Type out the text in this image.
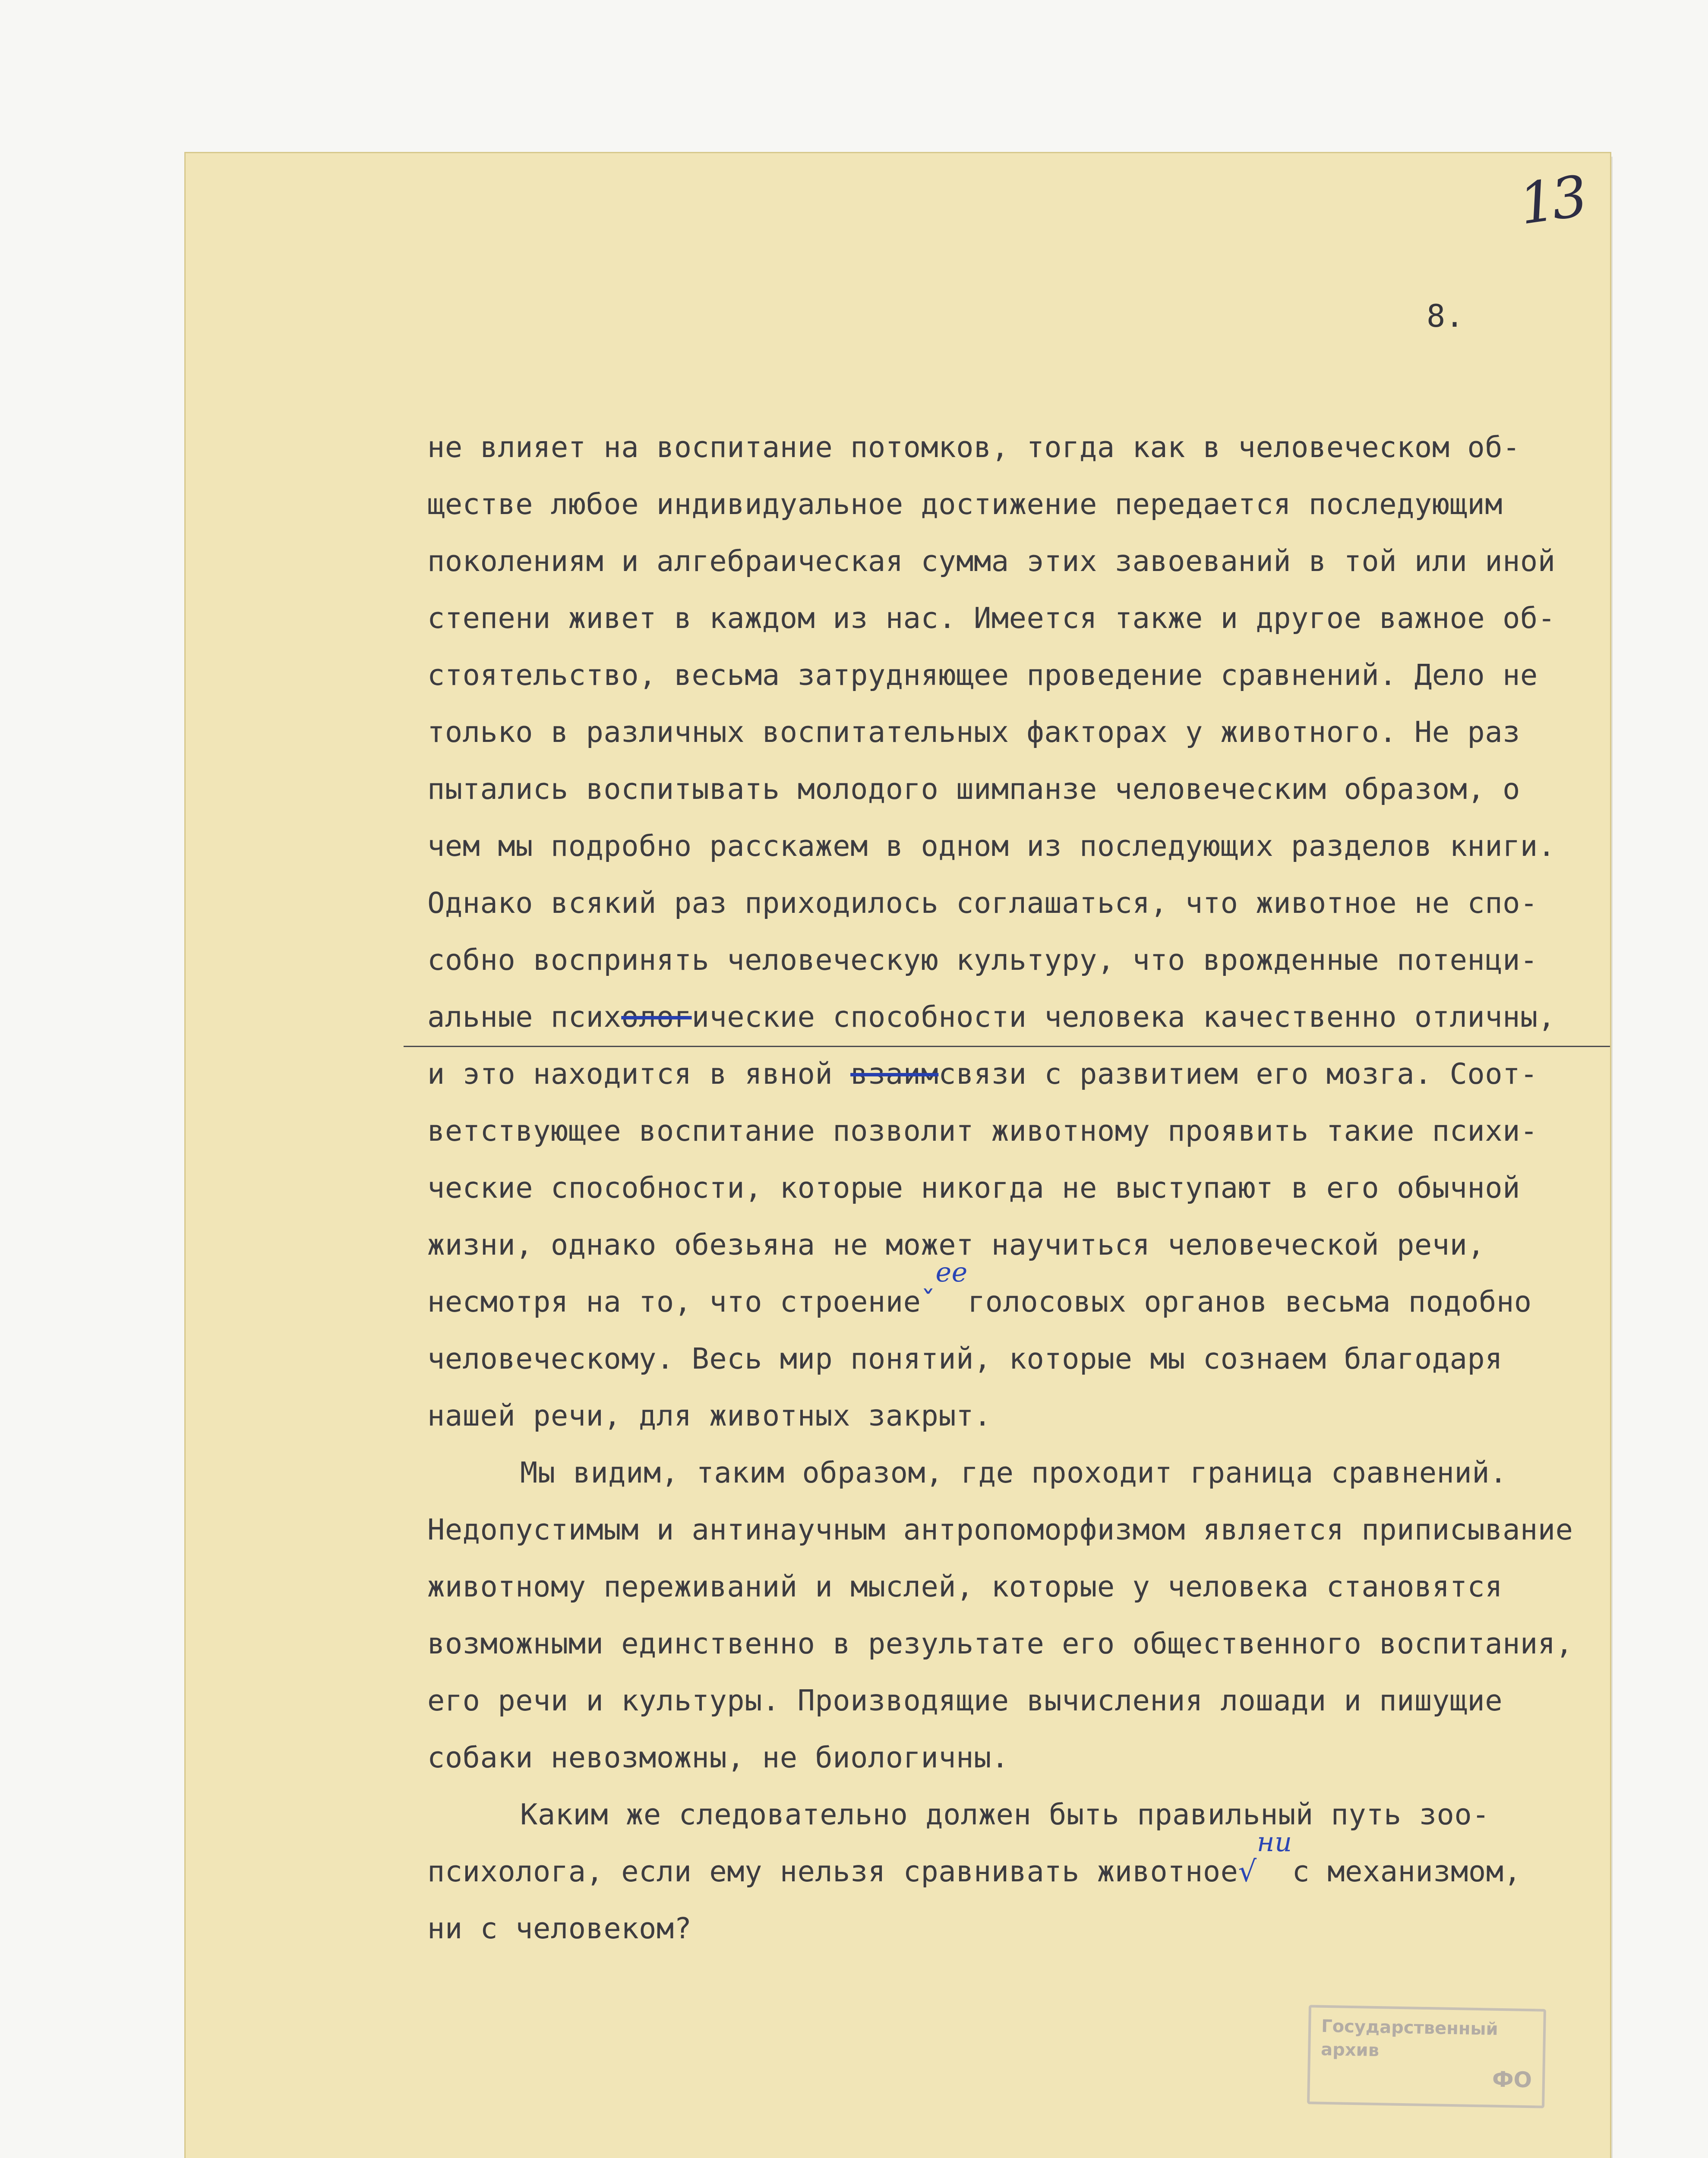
13
8.
не влияет на воспитание потомков, тогда как в человеческом об-
ществе любое индивидуальное достижение передается последующим
поколениям и алгебраическая сумма этих завоеваний в той или иной
степени живет в каждом из нас. Имеется также и другое важное об-
стоятельство, весьма затрудняющее проведение сравнений. Дело не
только в различных воспитательных факторах у животного. Не раз
пытались воспитывать молодого шимпанзе человеческим образом, о
чем мы подробно расскажем в одном из последующих разделов книги.
Однако всякий раз приходилось соглашаться, что животное не спо-
собно воспринять человеческую культуру, что врожденные потенци-
альные психологические способности человека качественно отличны,
и это находится в явной взаимсвязи с развитием его мозга. Соот-
ветствующее воспитание позволит животному проявить такие психи-
ческие способности, которые никогда не выступают в его обычной
жизни, однако обезьяна не может научиться человеческой речи,
несмотря на то, что строениеˇееголосовых органов весьма подобно
человеческому. Весь мир понятий, которые мы сознаем благодаря
нашей речи, для животных закрыт.
Мы видим, таким образом, где проходит граница сравнений.
Недопустимым и антинаучным антропоморфизмом является приписывание
животному переживаний и мыслей, которые у человека становятся
возможными единственно в результате его общественного воспитания,
его речи и культуры. Производящие вычисления лошади и пишущие
собаки невозможны, не биологичны.
Каким же следовательно должен быть правильный путь зоо-
психолога, если ему нельзя сравнивать животное√нис механизмом,
ни с человеком?
Государственный
архив
ФО
